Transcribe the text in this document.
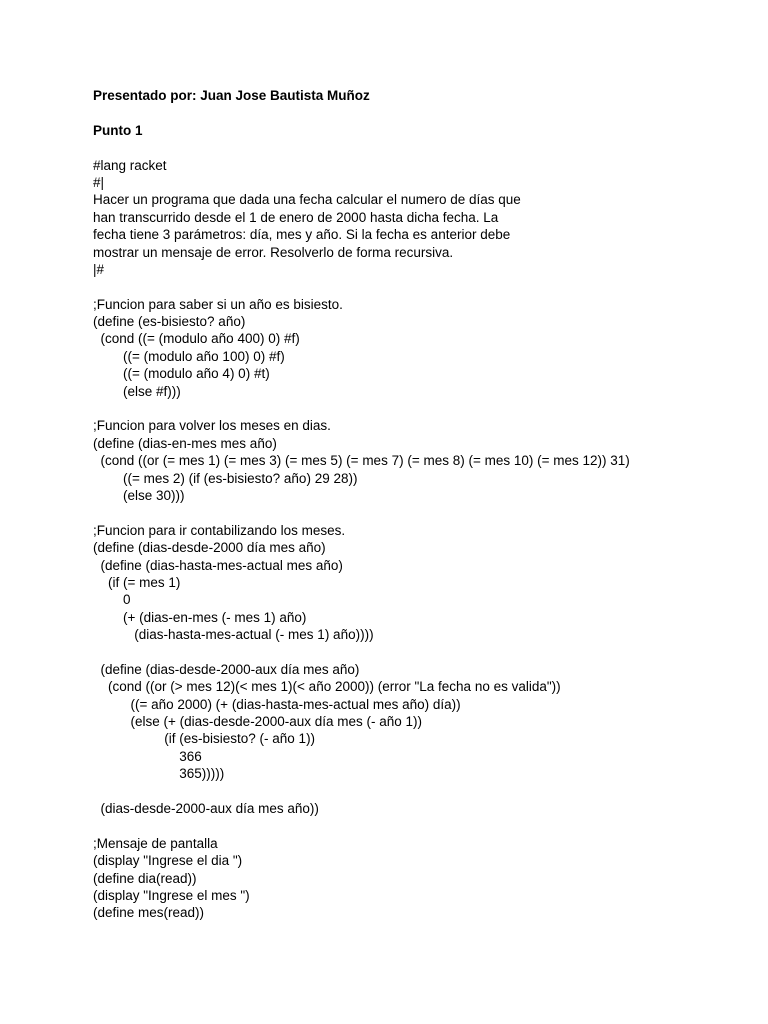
Presentado por: Juan Jose Bautista Muñoz
Punto 1
#lang racket
#|
Hacer un programa que dada una fecha calcular el numero de días que
han transcurrido desde el 1 de enero de 2000 hasta dicha fecha. La
fecha tiene 3 parámetros: día, mes y año. Si la fecha es anterior debe
mostrar un mensaje de error. Resolverlo de forma recursiva.
|#
;Funcion para saber si un año es bisiesto.
(define (es-bisiesto? año)
(cond ((= (modulo año 400) 0) #f)
((= (modulo año 100) 0) #f)
((= (modulo año 4) 0) #t)
(else #f)))
;Funcion para volver los meses en dias.
(define (dias-en-mes mes año)
(cond ((or (= mes 1) (= mes 3) (= mes 5) (= mes 7) (= mes 8) (= mes 10) (= mes 12)) 31)
((= mes 2) (if (es-bisiesto? año) 29 28))
(else 30)))
;Funcion para ir contabilizando los meses.
(define (dias-desde-2000 día mes año)
(define (dias-hasta-mes-actual mes año)
(if (= mes 1)
0
(+ (dias-en-mes (- mes 1) año)
(dias-hasta-mes-actual (- mes 1) año))))
(define (dias-desde-2000-aux día mes año)
(cond ((or (> mes 12)(< mes 1)(< año 2000)) (error "La fecha no es valida"))
((= año 2000) (+ (dias-hasta-mes-actual mes año) día))
(else (+ (dias-desde-2000-aux día mes (- año 1))
(if (es-bisiesto? (- año 1))
366
365)))))
(dias-desde-2000-aux día mes año))
;Mensaje de pantalla
(display "Ingrese el dia ")
(define dia(read))
(display "Ingrese el mes ")
(define mes(read))
